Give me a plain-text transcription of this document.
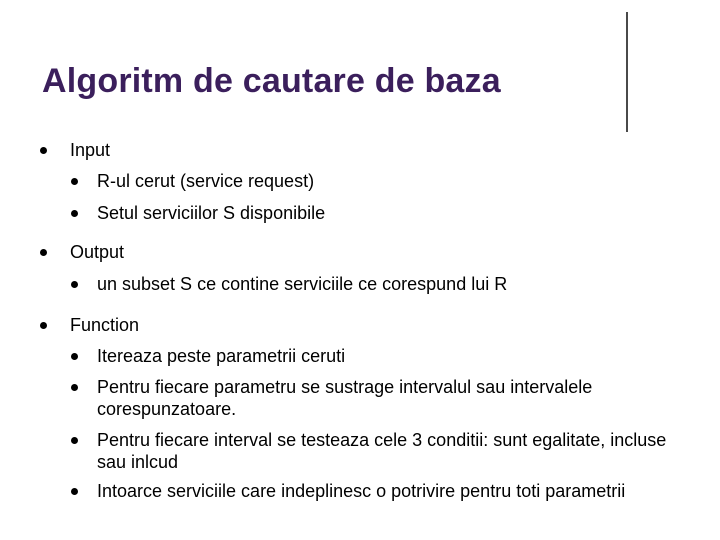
Algoritm de cautare de baza
Input
R-ul cerut (service request)
Setul serviciilor S disponibile
Output
un subset S ce contine serviciile ce corespund lui R
Function
Itereaza peste parametrii ceruti
Pentru fiecare parametru se sustrage intervalul sau intervalele corespunzatoare.
Pentru fiecare interval se testeaza cele 3 conditii: sunt egalitate, incluse sau inlcud
Intoarce serviciile care indeplinesc o potrivire pentru toti parametrii
